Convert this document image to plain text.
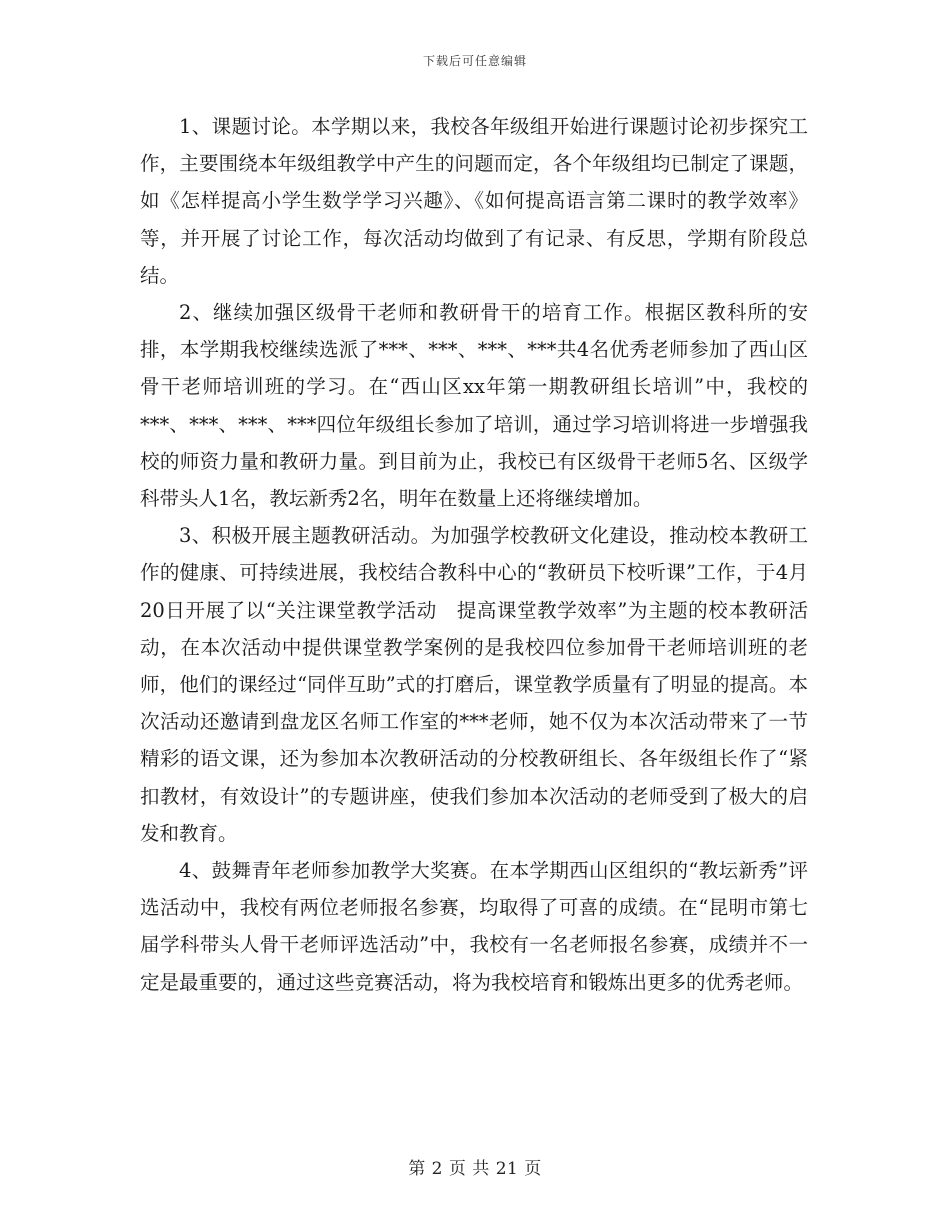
下载后可任意编辑

1、课题讨论。本学期以来，我校各年级组开始进行课题讨论初步探究工作，主要围绕本年级组教学中产生的问题而定，各个年级组均已制定了课题，如《怎样提高小学生数学学习兴趣》、《如何提高语言第二课时的教学效率》等，并开展了讨论工作，每次活动均做到了有记录、有反思，学期有阶段总结。

2、继续加强区级骨干老师和教研骨干的培育工作。根据区教科所的安排，本学期我校继续选派了***、***、***、***共4名优秀老师参加了西山区骨干老师培训班的学习。在“西山区xx年第一期教研组长培训”中，我校的***、***、***、***四位年级组长参加了培训，通过学习培训将进一步增强我校的师资力量和教研力量。到目前为止，我校已有区级骨干老师5名、区级学科带头人1名，教坛新秀2名，明年在数量上还将继续增加。

3、积极开展主题教研活动。为加强学校教研文化建设，推动校本教研工作的健康、可持续进展，我校结合教科中心的“教研员下校听课”工作，于4月20日开展了以“关注课堂教学活动　提高课堂教学效率”为主题的校本教研活动，在本次活动中提供课堂教学案例的是我校四位参加骨干老师培训班的老师，他们的课经过“同伴互助”式的打磨后，课堂教学质量有了明显的提高。本次活动还邀请到盘龙区名师工作室的***老师，她不仅为本次活动带来了一节精彩的语文课，还为参加本次教研活动的分校教研组长、各年级组长作了“紧扣教材，有效设计”的专题讲座，使我们参加本次活动的老师受到了极大的启发和教育。

4、鼓舞青年老师参加教学大奖赛。在本学期西山区组织的“教坛新秀”评选活动中，我校有两位老师报名参赛，均取得了可喜的成绩。在“昆明市第七届学科带头人骨干老师评选活动”中，我校有一名老师报名参赛，成绩并不一定是最重要的，通过这些竞赛活动，将为我校培育和锻炼出更多的优秀老师。

第 2 页 共 21 页
